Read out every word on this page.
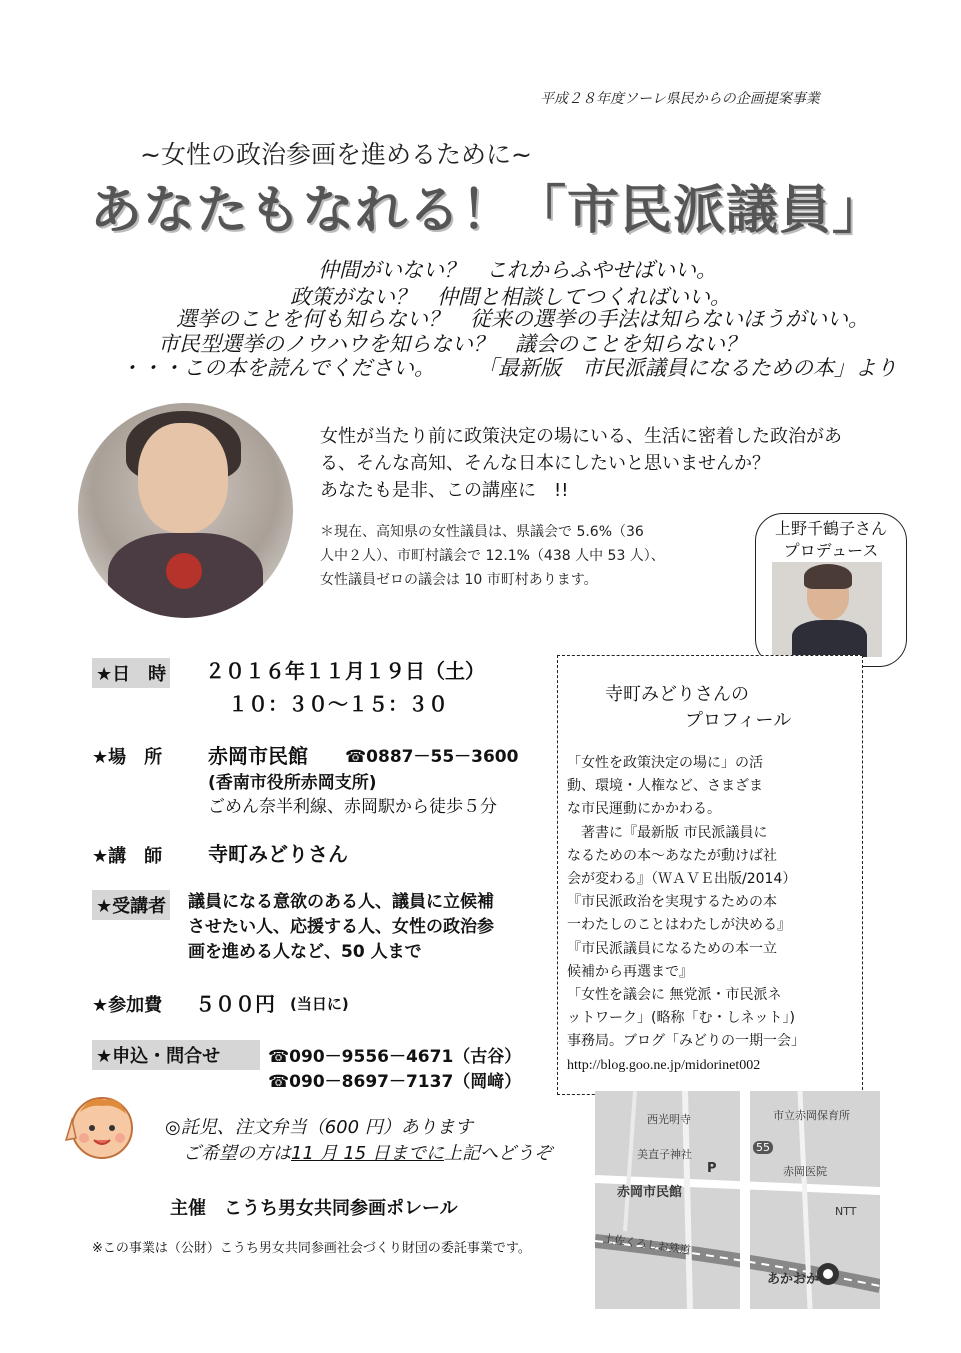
平成２８年度ソーレ県民からの企画提案事業
~女性の政治参画を進めるために~
あなたもなれる！「市民派議員」
仲間がいない？　これからふやせばいい。
政策がない？　仲間と相談してつくればいい。
選挙のことを何も知らない？　従来の選挙の手法は知らないほうがいい。
市民型選挙のノウハウを知らない？　議会のことを知らない？
・・・この本を読んでください。　　　「最新版　市民派議員になるための本」より
女性が当たり前に政策決定の場にいる、生活に密着した政治があ
る、そんな高知、そんな日本にしたいと思いませんか？
あなたも是非、この講座に　!!
＊現在、高知県の女性議員は、県議会で 5.6%（36
人中２人）、市町村議会で 12.1%（438 人中 53 人）、
女性議員ゼロの議会は 10 市町村あります。
上野千鶴子さん
プロデュース
★日　時 ２０１６年１１月１９日（土）
１０：３０～１５：３０
★場　所 赤岡市民館 ☎0887－55－3600
(香南市役所赤岡支所)
ごめん奈半利線、赤岡駅から徒歩５分
★講　師 寺町みどりさん
★受講者 議員になる意欲のある人、議員に立候補
させたい人、応援する人、女性の政治参
画を進める人など、50 人まで
★参加費 ５００円 (当日に)
★申込・問合せ	☎090－9556－4671（古谷）
☎090－8697－7137（岡﨑）
寺町みどりさんの
プロフィール
「女性を政策決定の場に」の活
動、環境・人権など、さまざま
な市民運動にかかわる。
　著書に『最新版 市民派議員に
なるための本～あなたが動けば社
会が変わる』（ＷＡＶＥ出版/2014）
『市民派政治を実現するための本
一わたしのことはわたしが決める』
『市民派議員になるための本一立
候補から再選まで』
「女性を議会に 無党派・市民派ネ
ットワーク」(略称「む・しネット」)
事務局。ブログ「みどりの一期一会」
http://blog.goo.ne.jp/midorinet002
◎託児、注文弁当（600 円）あります
ご希望の方は11 月 15 日までに上記へどうぞ
主催　こうち男女共同参画ポレール
※この事業は（公財）こうち男女共同参画社会づくり財団の委託事業です。
市立赤岡保育所
西光明寺
美直子神社
55
P	赤岡医院
赤岡市民館
NTT
土佐くろしお鉄道
あかおか
